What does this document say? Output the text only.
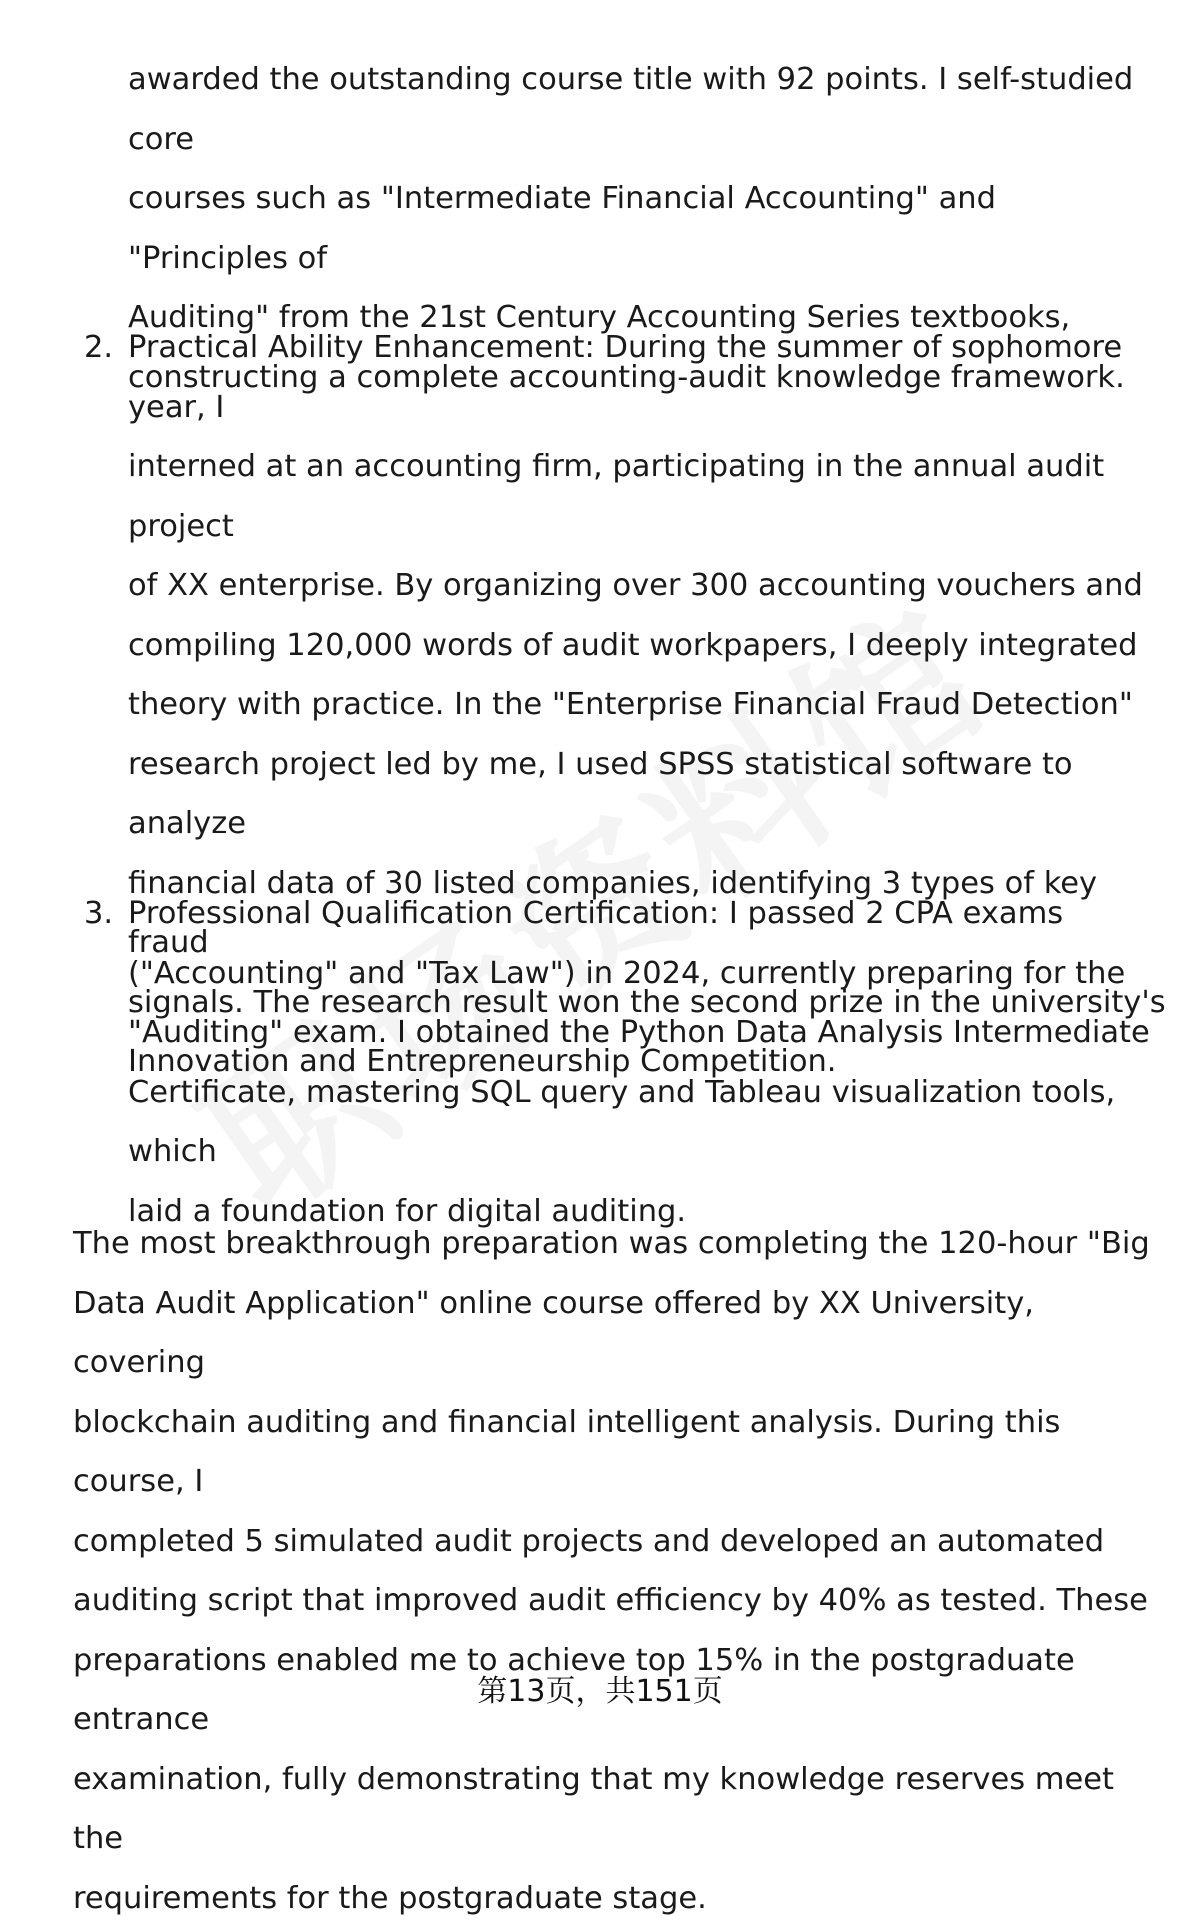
awarded the outstanding course title with 92 points. I self-studied core
courses such as "Intermediate Financial Accounting" and "Principles of
Auditing" from the 21st Century Accounting Series textbooks,
constructing a complete accounting-audit knowledge framework.

2. Practical Ability Enhancement: During the summer of sophomore year, I
interned at an accounting firm, participating in the annual audit project
of XX enterprise. By organizing over 300 accounting vouchers and
compiling 120,000 words of audit workpapers, I deeply integrated
theory with practice. In the "Enterprise Financial Fraud Detection"
research project led by me, I used SPSS statistical software to analyze
financial data of 30 listed companies, identifying 3 types of key fraud
signals. The research result won the second prize in the university's
Innovation and Entrepreneurship Competition.

3. Professional Qualification Certification: I passed 2 CPA exams
("Accounting" and "Tax Law") in 2024, currently preparing for the
"Auditing" exam. I obtained the Python Data Analysis Intermediate
Certificate, mastering SQL query and Tableau visualization tools, which
laid a foundation for digital auditing.

The most breakthrough preparation was completing the 120-hour "Big
Data Audit Application" online course offered by XX University, covering
blockchain auditing and financial intelligent analysis. During this course, I
completed 5 simulated audit projects and developed an automated
auditing script that improved audit efficiency by 40% as tested. These
preparations enabled me to achieve top 15% in the postgraduate entrance
examination, fully demonstrating that my knowledge reserves meet the
requirements for the postgraduate stage.

第13页，共151页
